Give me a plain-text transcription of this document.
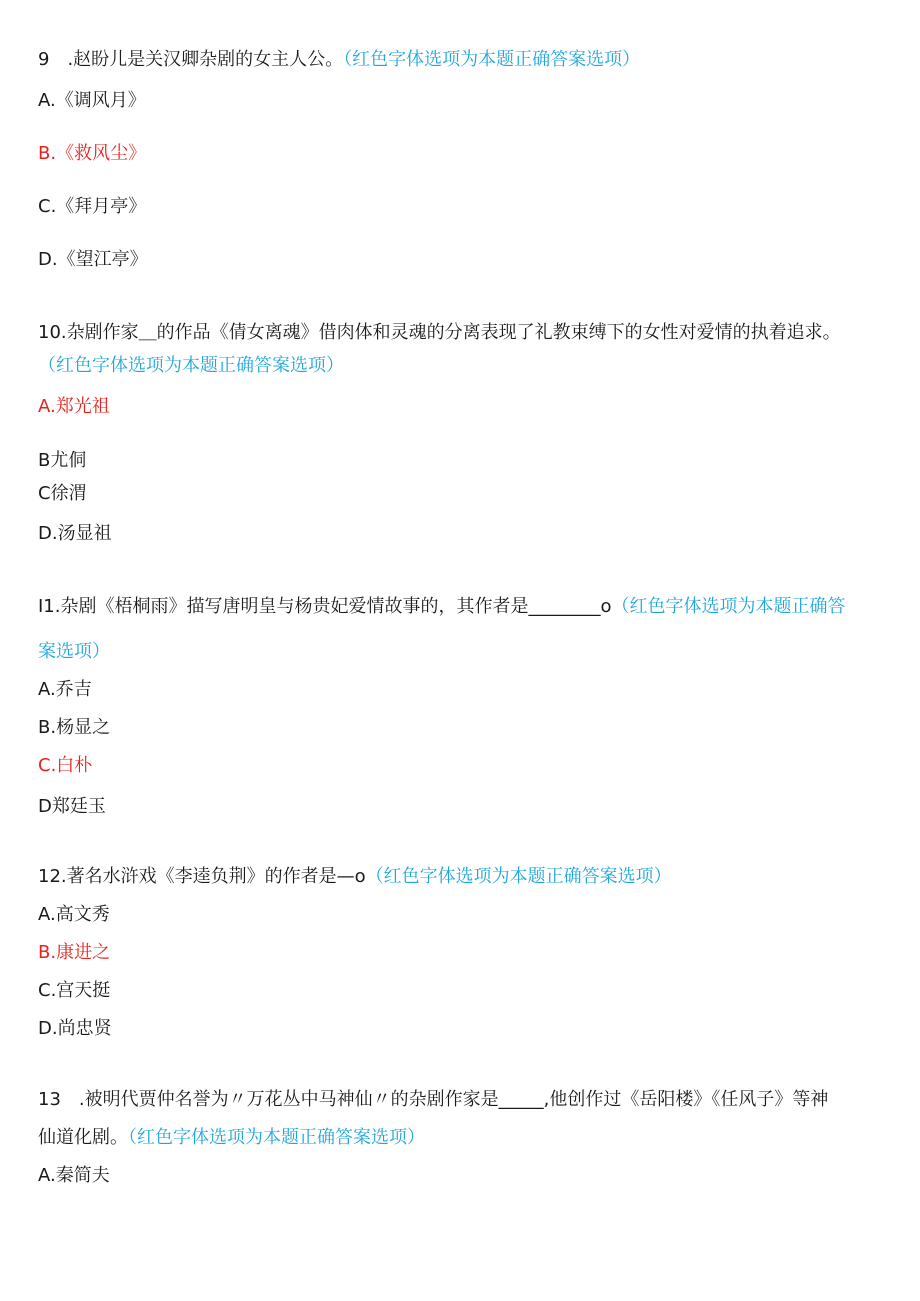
9　.赵盼儿是关汉卿杂剧的女主人公。（红色字体选项为本题正确答案选项）
A.《调风月》
B.《救风尘》
C.《拜月亭》
D.《望江亭》
10.杂剧作家＿的作品《倩女离魂》借肉体和灵魂的分离表现了礼教束缚下的女性对爱情的执着追求。
（红色字体选项为本题正确答案选项）
A.郑光祖
B尤侗
C徐渭
D.汤显祖
I1.杂剧《梧桐雨》描写唐明皇与杨贵妃爱情故事的，其作者是________o（红色字体选项为本题正确答
案选项）
A.乔吉
B.杨显之
C.白朴
D郑廷玉
12.著名水浒戏《李逵负荆》的作者是—o（红色字体选项为本题正确答案选项）
A.高文秀
B.康进之
C.宫天挺
D.尚忠贤
13　.被明代贾仲名誉为〃万花丛中马神仙〃的杂剧作家是_____,他创作过《岳阳楼》《任风子》等神
仙道化剧。（红色字体选项为本题正确答案选项）
A.秦简夫
